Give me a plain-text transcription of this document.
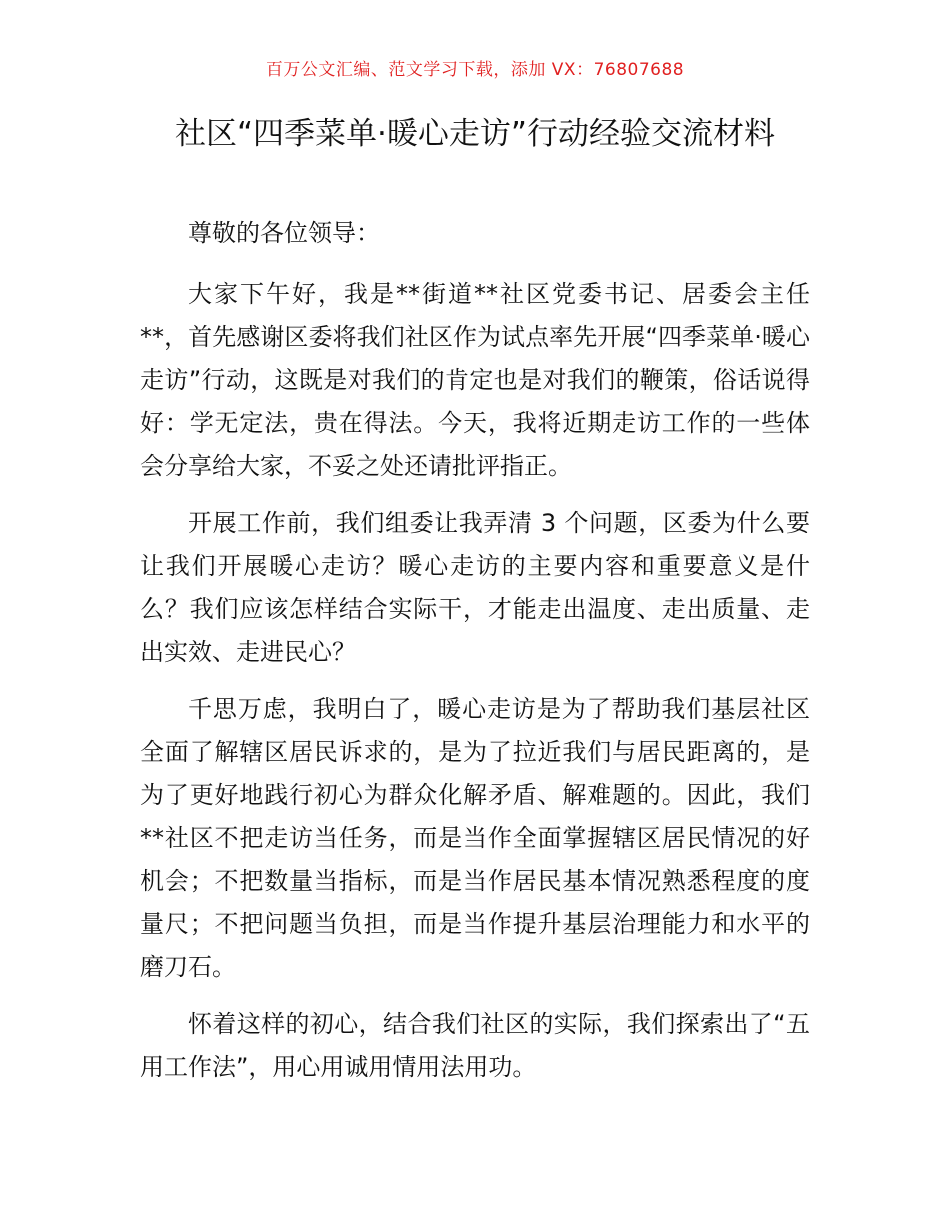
百万公文汇编、范文学习下载，添加 VX：76807688
社区“四季菜单·暖心走访”行动经验交流材料

尊敬的各位领导：

大家下午好，我是**街道**社区党委书记、居委会主任**，首先感谢区委将我们社区作为试点率先开展“四季菜单·暖心走访”行动，这既是对我们的肯定也是对我们的鞭策，俗话说得好：学无定法，贵在得法。今天，我将近期走访工作的一些体会分享给大家，不妥之处还请批评指正。

开展工作前，我们组委让我弄清 3 个问题，区委为什么要让我们开展暖心走访？暖心走访的主要内容和重要意义是什么？我们应该怎样结合实际干，才能走出温度、走出质量、走出实效、走进民心？

千思万虑，我明白了，暖心走访是为了帮助我们基层社区全面了解辖区居民诉求的，是为了拉近我们与居民距离的，是为了更好地践行初心为群众化解矛盾、解难题的。因此，我们**社区不把走访当任务，而是当作全面掌握辖区居民情况的好机会；不把数量当指标，而是当作居民基本情况熟悉程度的度量尺；不把问题当负担，而是当作提升基层治理能力和水平的磨刀石。

怀着这样的初心，结合我们社区的实际，我们探索出了“五用工作法”，用心用诚用情用法用功。
